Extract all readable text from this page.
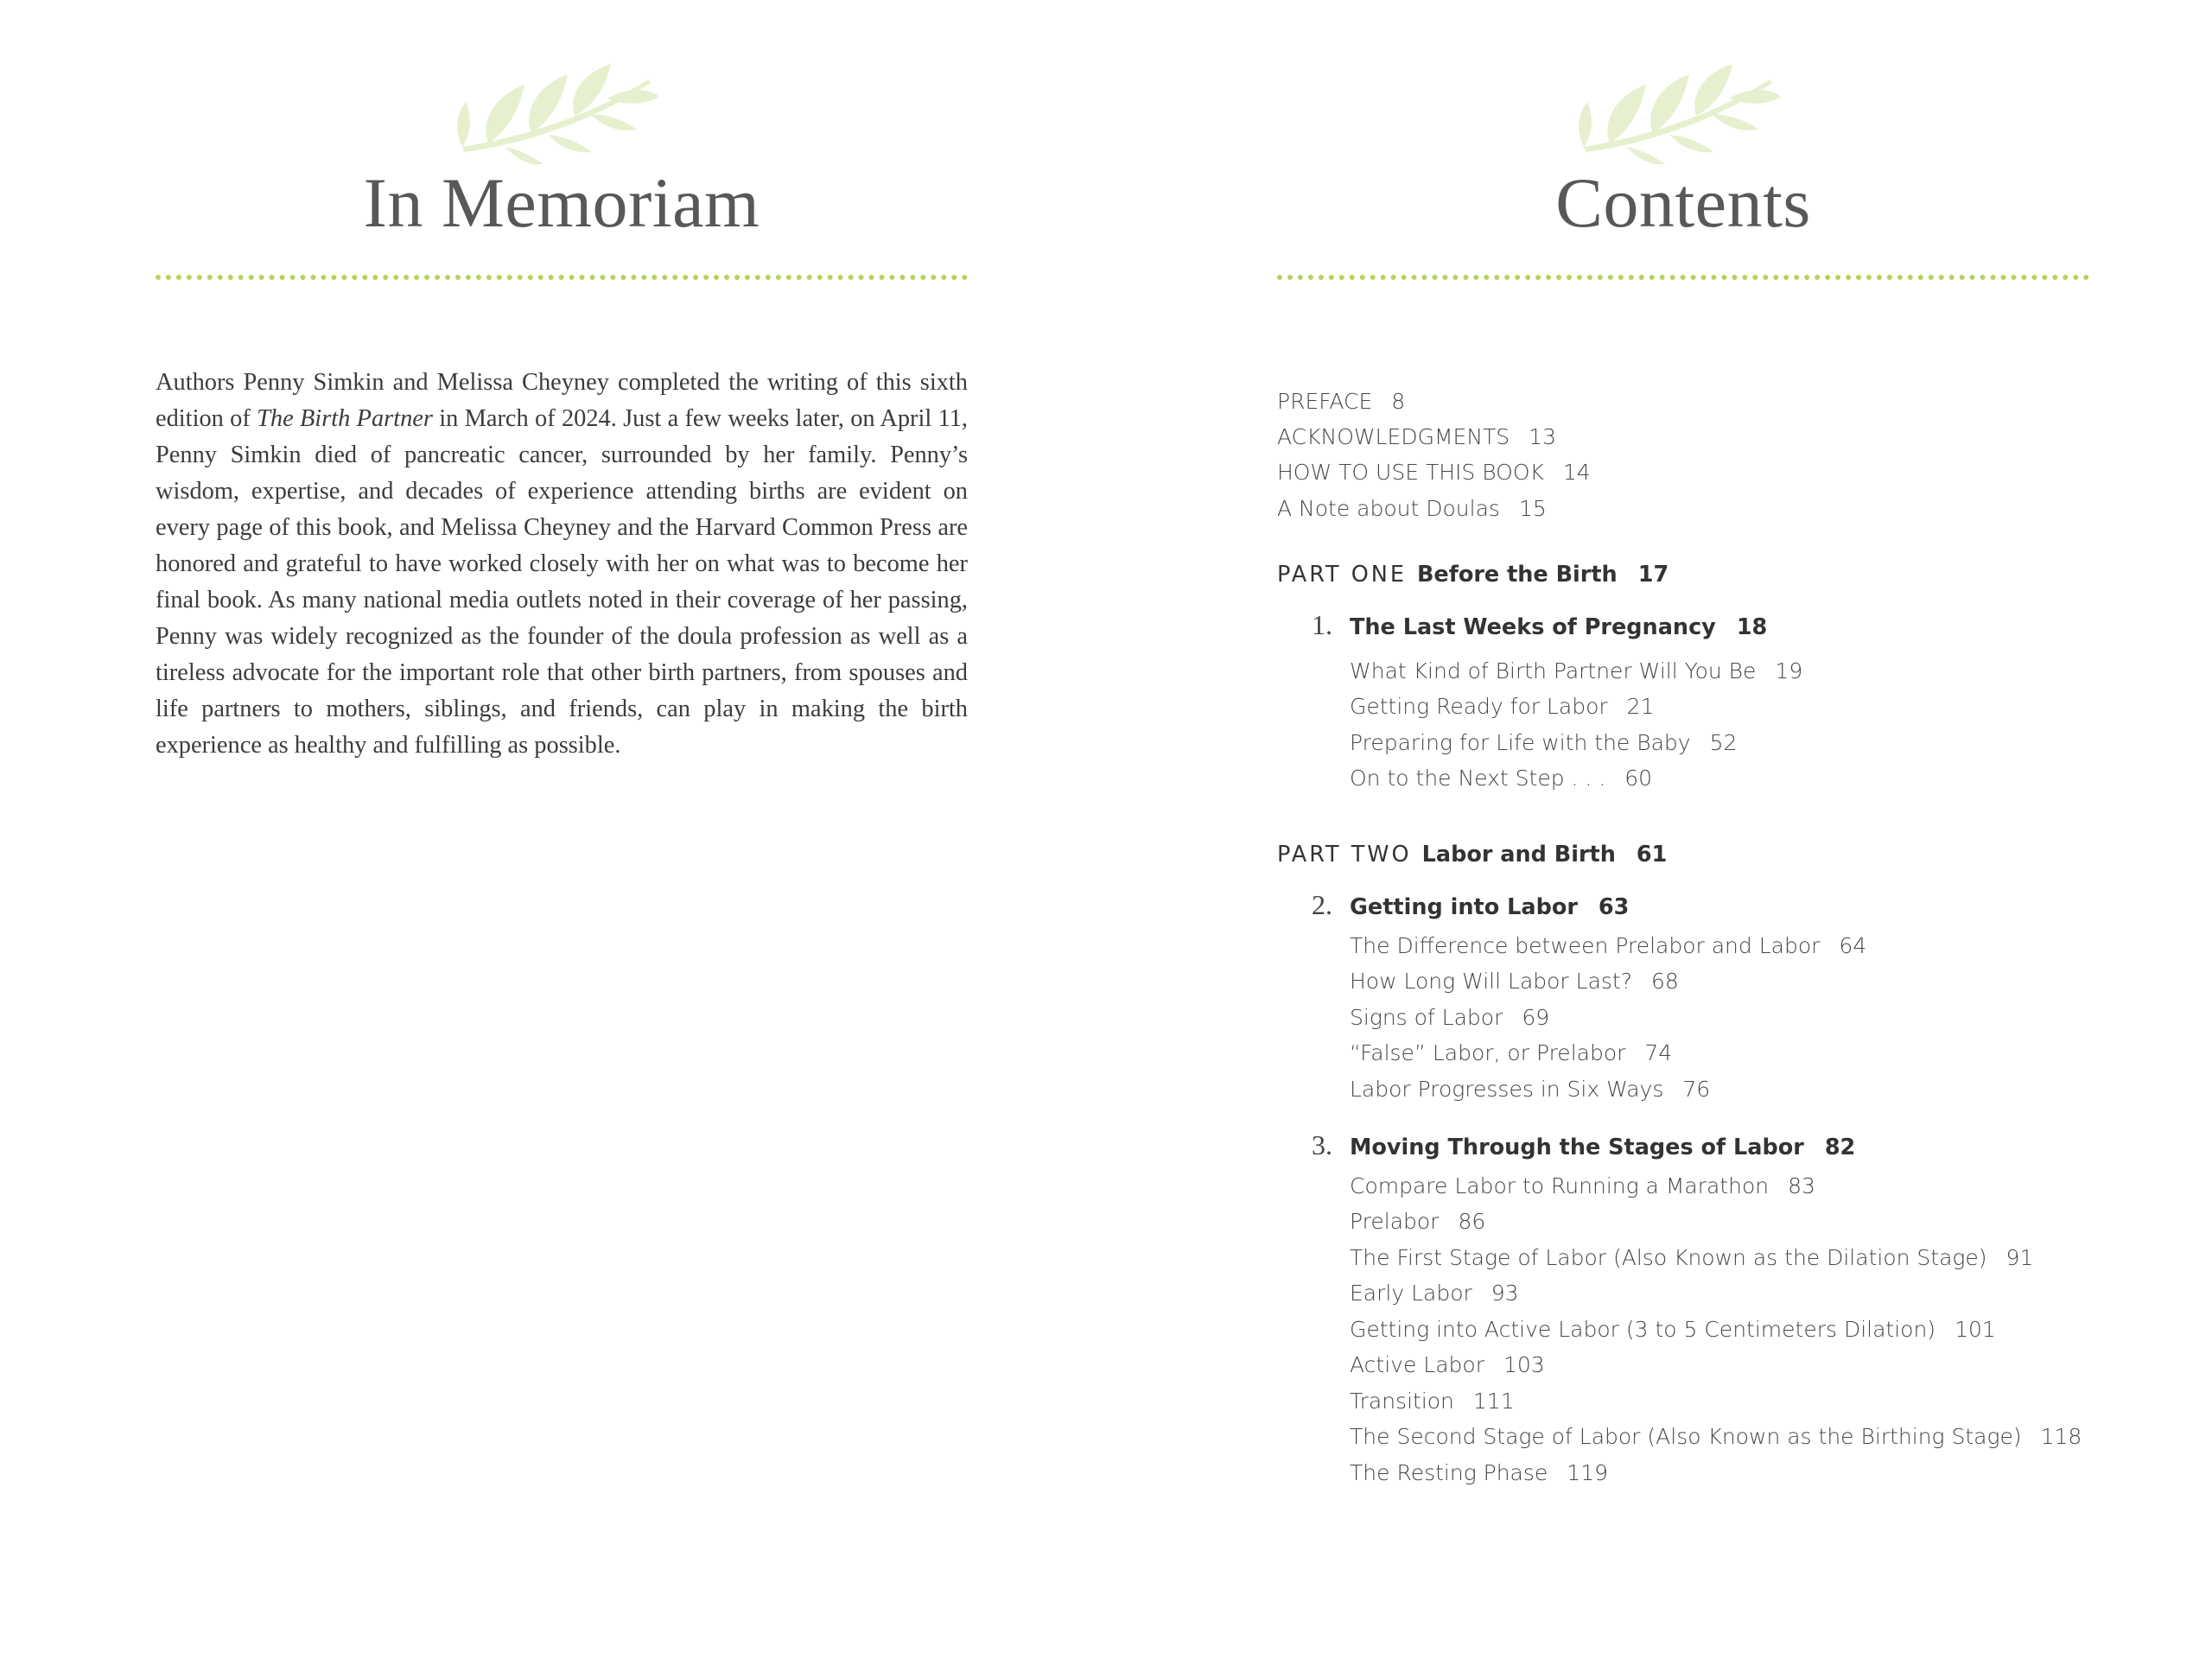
In Memoriam

Authors Penny Simkin and Melissa Cheyney completed the writing of this sixth edition of The Birth Partner in March of 2024. Just a few weeks later, on April 11, Penny Simkin died of pancreatic cancer, surrounded by her family. Penny’s wisdom, expertise, and decades of experience attending births are evident on every page of this book, and Melissa Cheyney and the Harvard Common Press are honored and grateful to have worked closely with her on what was to become her final book. As many national media outlets noted in their coverage of her passing, Penny was widely recognized as the founder of the doula profession as well as a tireless advocate for the important role that other birth partners, from spouses and life partners to mothers, siblings, and friends, can play in making the birth experience as healthy and fulfilling as possible.

Contents
PREFACE 8
ACKNOWLEDGMENTS 13
HOW TO USE THIS BOOK 14
A Note about Doulas 15
PART ONE Before the Birth 17
1. The Last Weeks of Pregnancy 18
What Kind of Birth Partner Will You Be 19
Getting Ready for Labor 21
Preparing for Life with the Baby 52
On to the Next Step . . . 60
PART TWO Labor and Birth 61
2. Getting into Labor 63
The Difference between Prelabor and Labor 64
How Long Will Labor Last? 68
Signs of Labor 69
“False” Labor, or Prelabor 74
Labor Progresses in Six Ways 76
3. Moving Through the Stages of Labor 82
Compare Labor to Running a Marathon 83
Prelabor 86
The First Stage of Labor (Also Known as the Dilation Stage) 91
Early Labor 93
Getting into Active Labor (3 to 5 Centimeters Dilation) 101
Active Labor 103
Transition 111
The Second Stage of Labor (Also Known as the Birthing Stage) 118
The Resting Phase 119
